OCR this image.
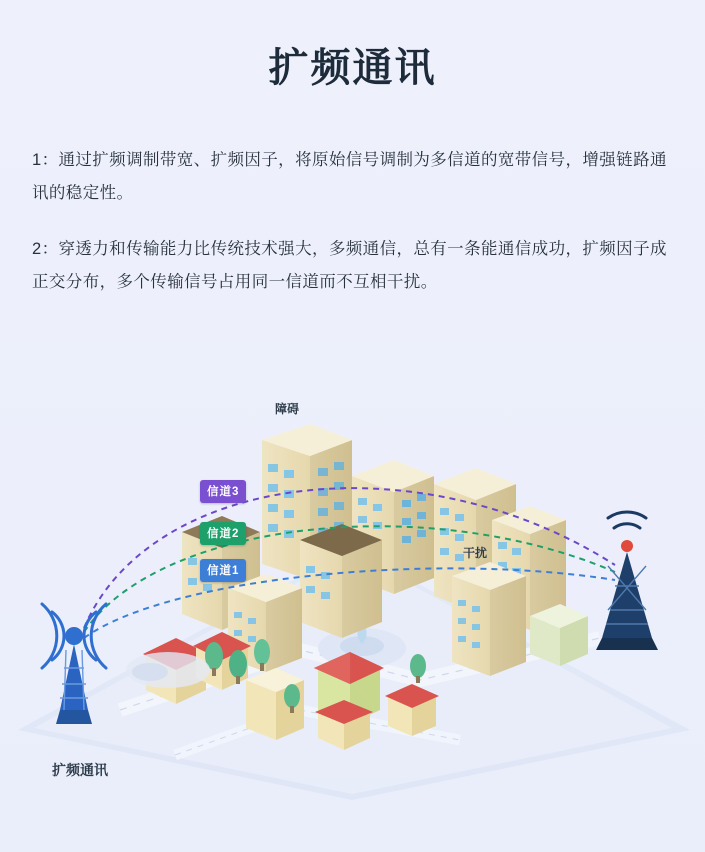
扩频通讯
1：通过扩频调制带宽、扩频因子，将原始信号调制为多信道的宽带信号，增强链路通讯的稳定性。
2：穿透力和传输能力比传统技术强大，多频通信，总有一条能通信成功，扩频因子成正交分布，多个传输信号占用同一信道而不互相干扰。
信道3
信道2
信道1
障碍
干扰
扩频通讯
